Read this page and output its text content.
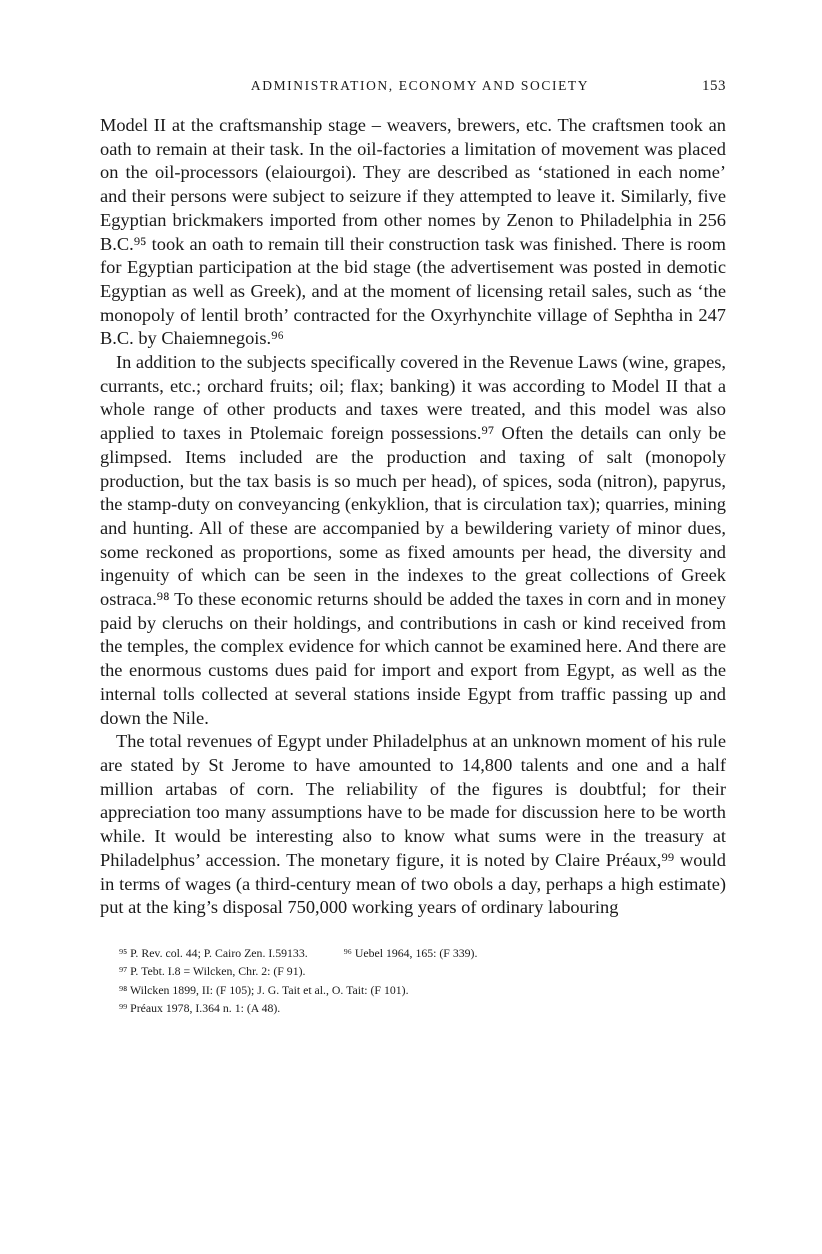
ADMINISTRATION, ECONOMY AND SOCIETY	153

Model II at the craftsmanship stage – weavers, brewers, etc. The craftsmen took an oath to remain at their task. In the oil-factories a limitation of movement was placed on the oil-processors (elaiourgoi). They are described as ‘stationed in each nome’ and their persons were subject to seizure if they attempted to leave it. Similarly, five Egyptian brickmakers imported from other nomes by Zenon to Philadelphia in 256 B.C.⁹⁵ took an oath to remain till their construction task was finished. There is room for Egyptian participation at the bid stage (the advertisement was posted in demotic Egyptian as well as Greek), and at the moment of licensing retail sales, such as ‘the monopoly of lentil broth’ contracted for the Oxyrhynchite village of Sephtha in 247 B.C. by Chaiemnegois.⁹⁶

In addition to the subjects specifically covered in the Revenue Laws (wine, grapes, currants, etc.; orchard fruits; oil; flax; banking) it was according to Model II that a whole range of other products and taxes were treated, and this model was also applied to taxes in Ptolemaic foreign possessions.⁹⁷ Often the details can only be glimpsed. Items included are the production and taxing of salt (monopoly production, but the tax basis is so much per head), of spices, soda (nitron), papyrus, the stamp-duty on conveyancing (enkyklion, that is circulation tax); quarries, mining and hunting. All of these are accompanied by a bewildering variety of minor dues, some reckoned as proportions, some as fixed amounts per head, the diversity and ingenuity of which can be seen in the indexes to the great collections of Greek ostraca.⁹⁸ To these economic returns should be added the taxes in corn and in money paid by cleruchs on their holdings, and contributions in cash or kind received from the temples, the complex evidence for which cannot be examined here. And there are the enormous customs dues paid for import and export from Egypt, as well as the internal tolls collected at several stations inside Egypt from traffic passing up and down the Nile.

The total revenues of Egypt under Philadelphus at an unknown moment of his rule are stated by St Jerome to have amounted to 14,800 talents and one and a half million artabas of corn. The reliability of the figures is doubtful; for their appreciation too many assumptions have to be made for discussion here to be worth while. It would be interesting also to know what sums were in the treasury at Philadelphus’ accession. The monetary figure, it is noted by Claire Préaux,⁹⁹ would in terms of wages (a third-century mean of two obols a day, perhaps a high estimate) put at the king’s disposal 750,000 working years of ordinary labouring

⁹⁵ P. Rev. col. 44; P. Cairo Zen. I.59133.	⁹⁶ Uebel 1964, 165: (F 339).
⁹⁷ P. Tebt. I.8 = Wilcken, Chr. 2: (F 91).
⁹⁸ Wilcken 1899, II: (F 105); J. G. Tait et al., O. Tait: (F 101).
⁹⁹ Préaux 1978, I.364 n. 1: (A 48).
